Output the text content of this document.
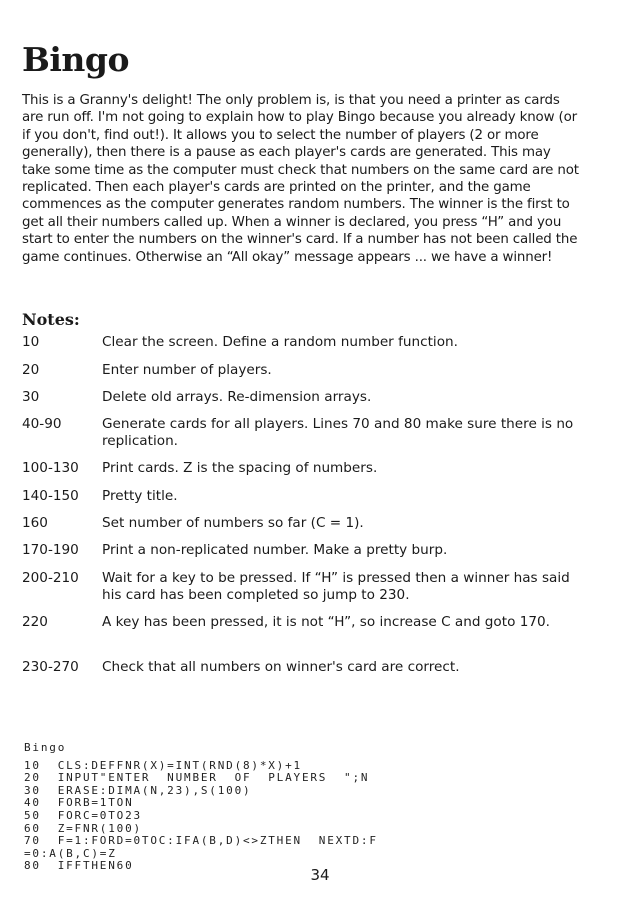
Bingo

This is a Granny's delight! The only problem is, is that you need a printer as cards are run off. I'm not going to explain how to play Bingo because you already know (or if you don't, find out!). It allows you to select the number of players (2 or more generally), then there is a pause as each player's cards are generated. This may take some time as the computer must check that numbers on the same card are not replicated. Then each player's cards are printed on the printer, and the game commences as the computer generates random numbers. The winner is the first to get all their numbers called up. When a winner is declared, you press “H” and you start to enter the numbers on the winner's card. If a number has not been called the game continues. Otherwise an “All okay” message appears ... we have a winner!

Notes:
10	Clear the screen. Define a random number function.
20	Enter number of players.
30	Delete old arrays. Re-dimension arrays.
40-90	Generate cards for all players. Lines 70 and 80 make sure there is no replication.
100-130	Print cards. Z is the spacing of numbers.
140-150	Pretty title.
160	Set number of numbers so far (C = 1).
170-190	Print a non-replicated number. Make a pretty burp.
200-210	Wait for a key to be pressed. If “H” is pressed then a winner has said his card has been completed so jump to 230.
220	A key has been pressed, it is not “H”, so increase C and goto 170.
230-270	Check that all numbers on winner's card are correct.
Bingo
10  CLS:DEFFNR(X)=INT(RND(8)*X)+1
20  INPUT"ENTER  NUMBER  OF  PLAYERS  ";N
30  ERASE:DIMA(N,23),S(100)
40  FORB=1TON
50  FORC=0TO23
60  Z=FNR(100)
70  F=1:FORD=0TOC:IFA(B,D)<>ZTHEN  NEXTD:F
=0:A(B,C)=Z
80  IFFTHEN60

34
